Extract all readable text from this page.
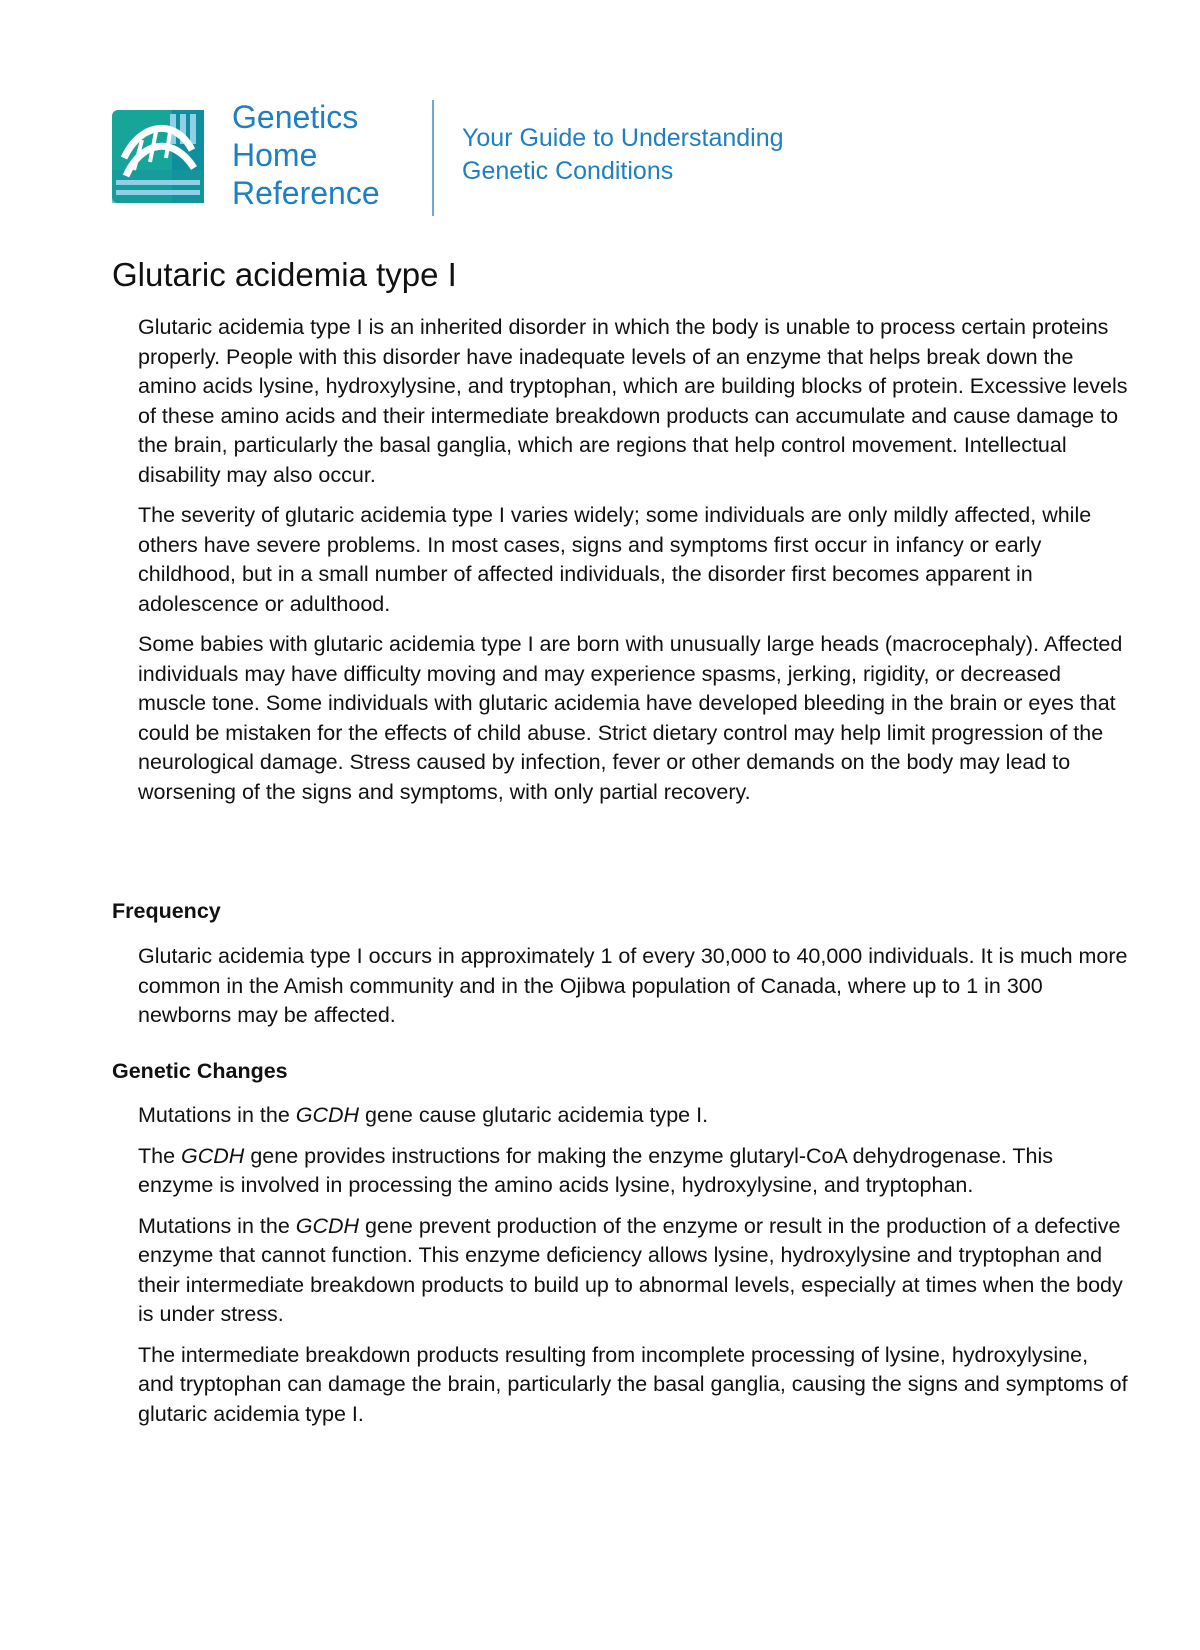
Genetics
Home
Reference
Your Guide to Understanding
Genetic Conditions
Glutaric acidemia type I

Glutaric acidemia type I is an inherited disorder in which the body is unable to process certain proteins properly. People with this disorder have inadequate levels of an enzyme that helps break down the amino acids lysine, hydroxylysine, and tryptophan, which are building blocks of protein. Excessive levels of these amino acids and their intermediate breakdown products can accumulate and cause damage to the brain, particularly the basal ganglia, which are regions that help control movement. Intellectual disability may also occur.

The severity of glutaric acidemia type I varies widely; some individuals are only mildly affected, while others have severe problems. In most cases, signs and symptoms first occur in infancy or early childhood, but in a small number of affected individuals, the disorder first becomes apparent in adolescence or adulthood.

Some babies with glutaric acidemia type I are born with unusually large heads (macrocephaly). Affected individuals may have difficulty moving and may experience spasms, jerking, rigidity, or decreased muscle tone. Some individuals with glutaric acidemia have developed bleeding in the brain or eyes that could be mistaken for the effects of child abuse. Strict dietary control may help limit progression of the neurological damage. Stress caused by infection, fever or other demands on the body may lead to worsening of the signs and symptoms, with only partial recovery.

Frequency

Glutaric acidemia type I occurs in approximately 1 of every 30,000 to 40,000 individuals. It is much more common in the Amish community and in the Ojibwa population of Canada, where up to 1 in 300 newborns may be affected.

Genetic Changes

Mutations in the GCDH gene cause glutaric acidemia type I.

The GCDH gene provides instructions for making the enzyme glutaryl-CoA dehydrogenase. This enzyme is involved in processing the amino acids lysine, hydroxylysine, and tryptophan.

Mutations in the GCDH gene prevent production of the enzyme or result in the production of a defective enzyme that cannot function. This enzyme deficiency allows lysine, hydroxylysine and tryptophan and their intermediate breakdown products to build up to abnormal levels, especially at times when the body is under stress.

The intermediate breakdown products resulting from incomplete processing of lysine, hydroxylysine, and tryptophan can damage the brain, particularly the basal ganglia, causing the signs and symptoms of glutaric acidemia type I.
